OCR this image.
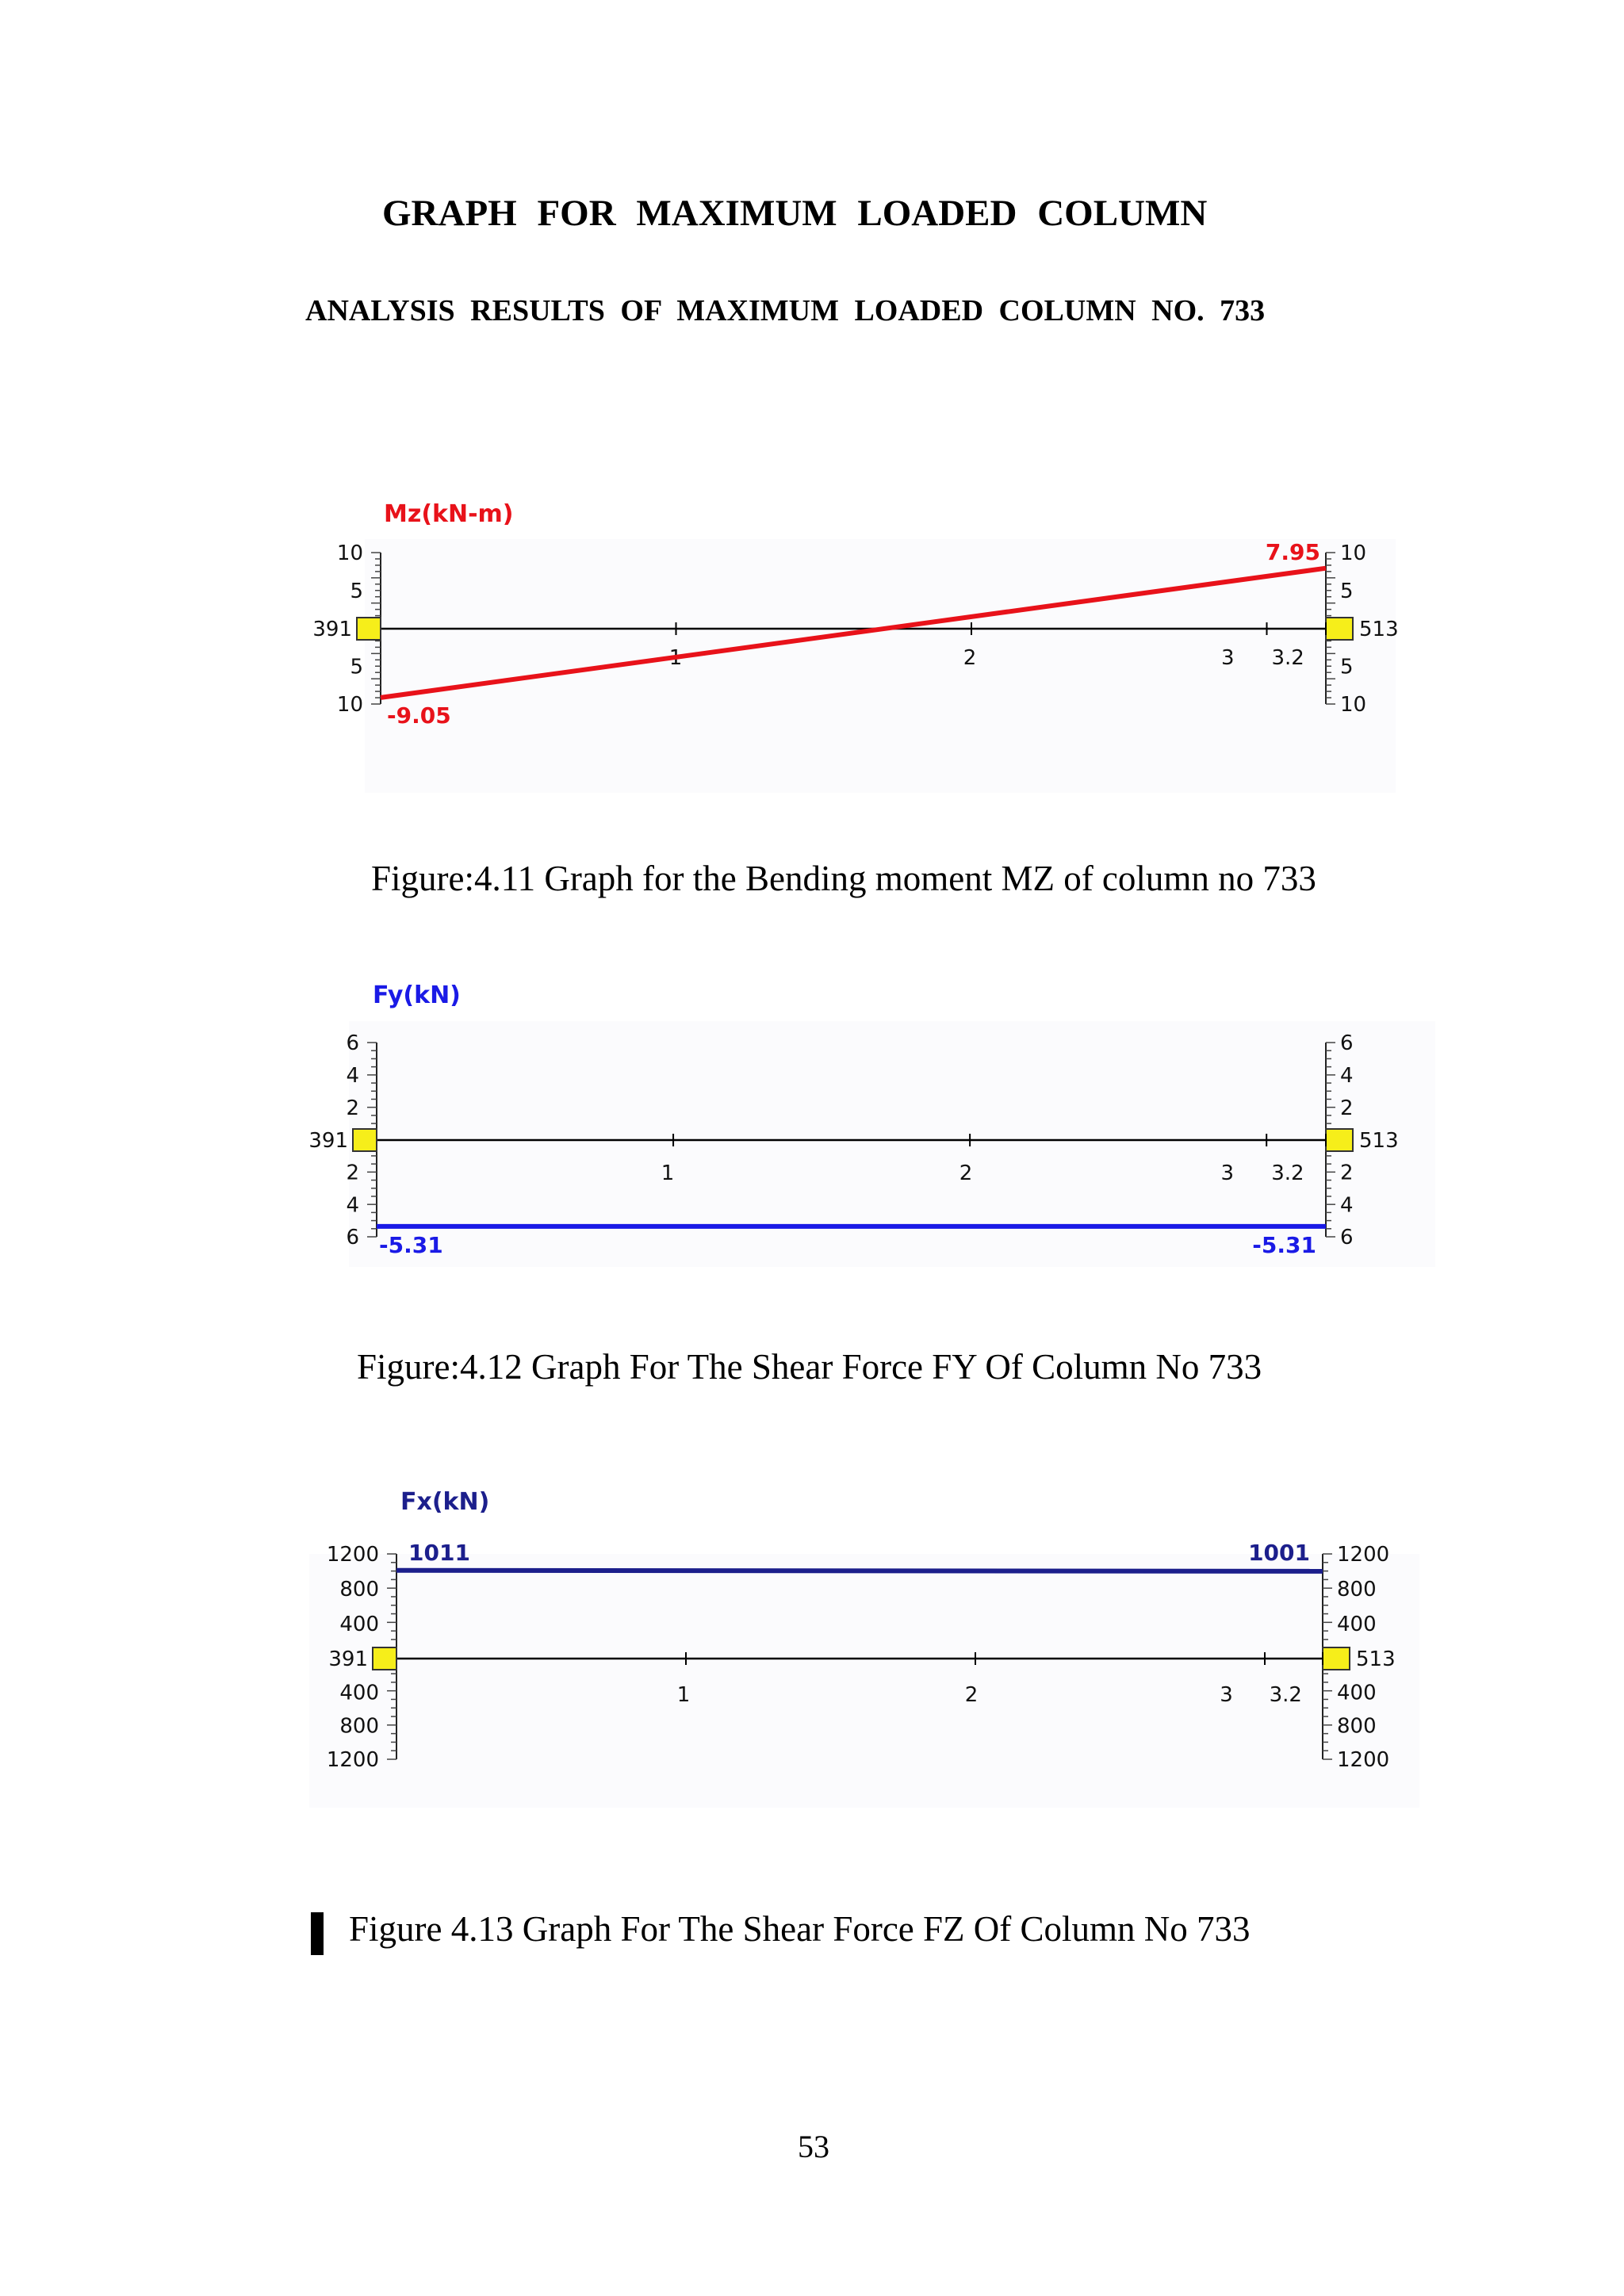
GRAPH FOR MAXIMUM LOADED COLUMN
ANALYSIS RESULTS OF MAXIMUM LOADED COLUMN NO. 733
Mz(kN-m)
10
5
5
10
10
5
5
10
391	513
1	2	3 3.2
-9.05
7.95
Fy(kN)
6
4
2
2
4
6
6
4
2
2
4
6
391	513
1	2	3 3.2
-5.31	-5.31
Fx(kN)
1200
800
400
400
800
1200
1200
800
400
400
800
1200
391	513
1	2	3 3.2
1011	1001
Figure:4.11 Graph for the Bending moment MZ of column no 733
Figure:4.12 Graph For The Shear Force FY Of Column No 733
Figure 4.13 Graph For The Shear Force FZ Of Column No 733
53
